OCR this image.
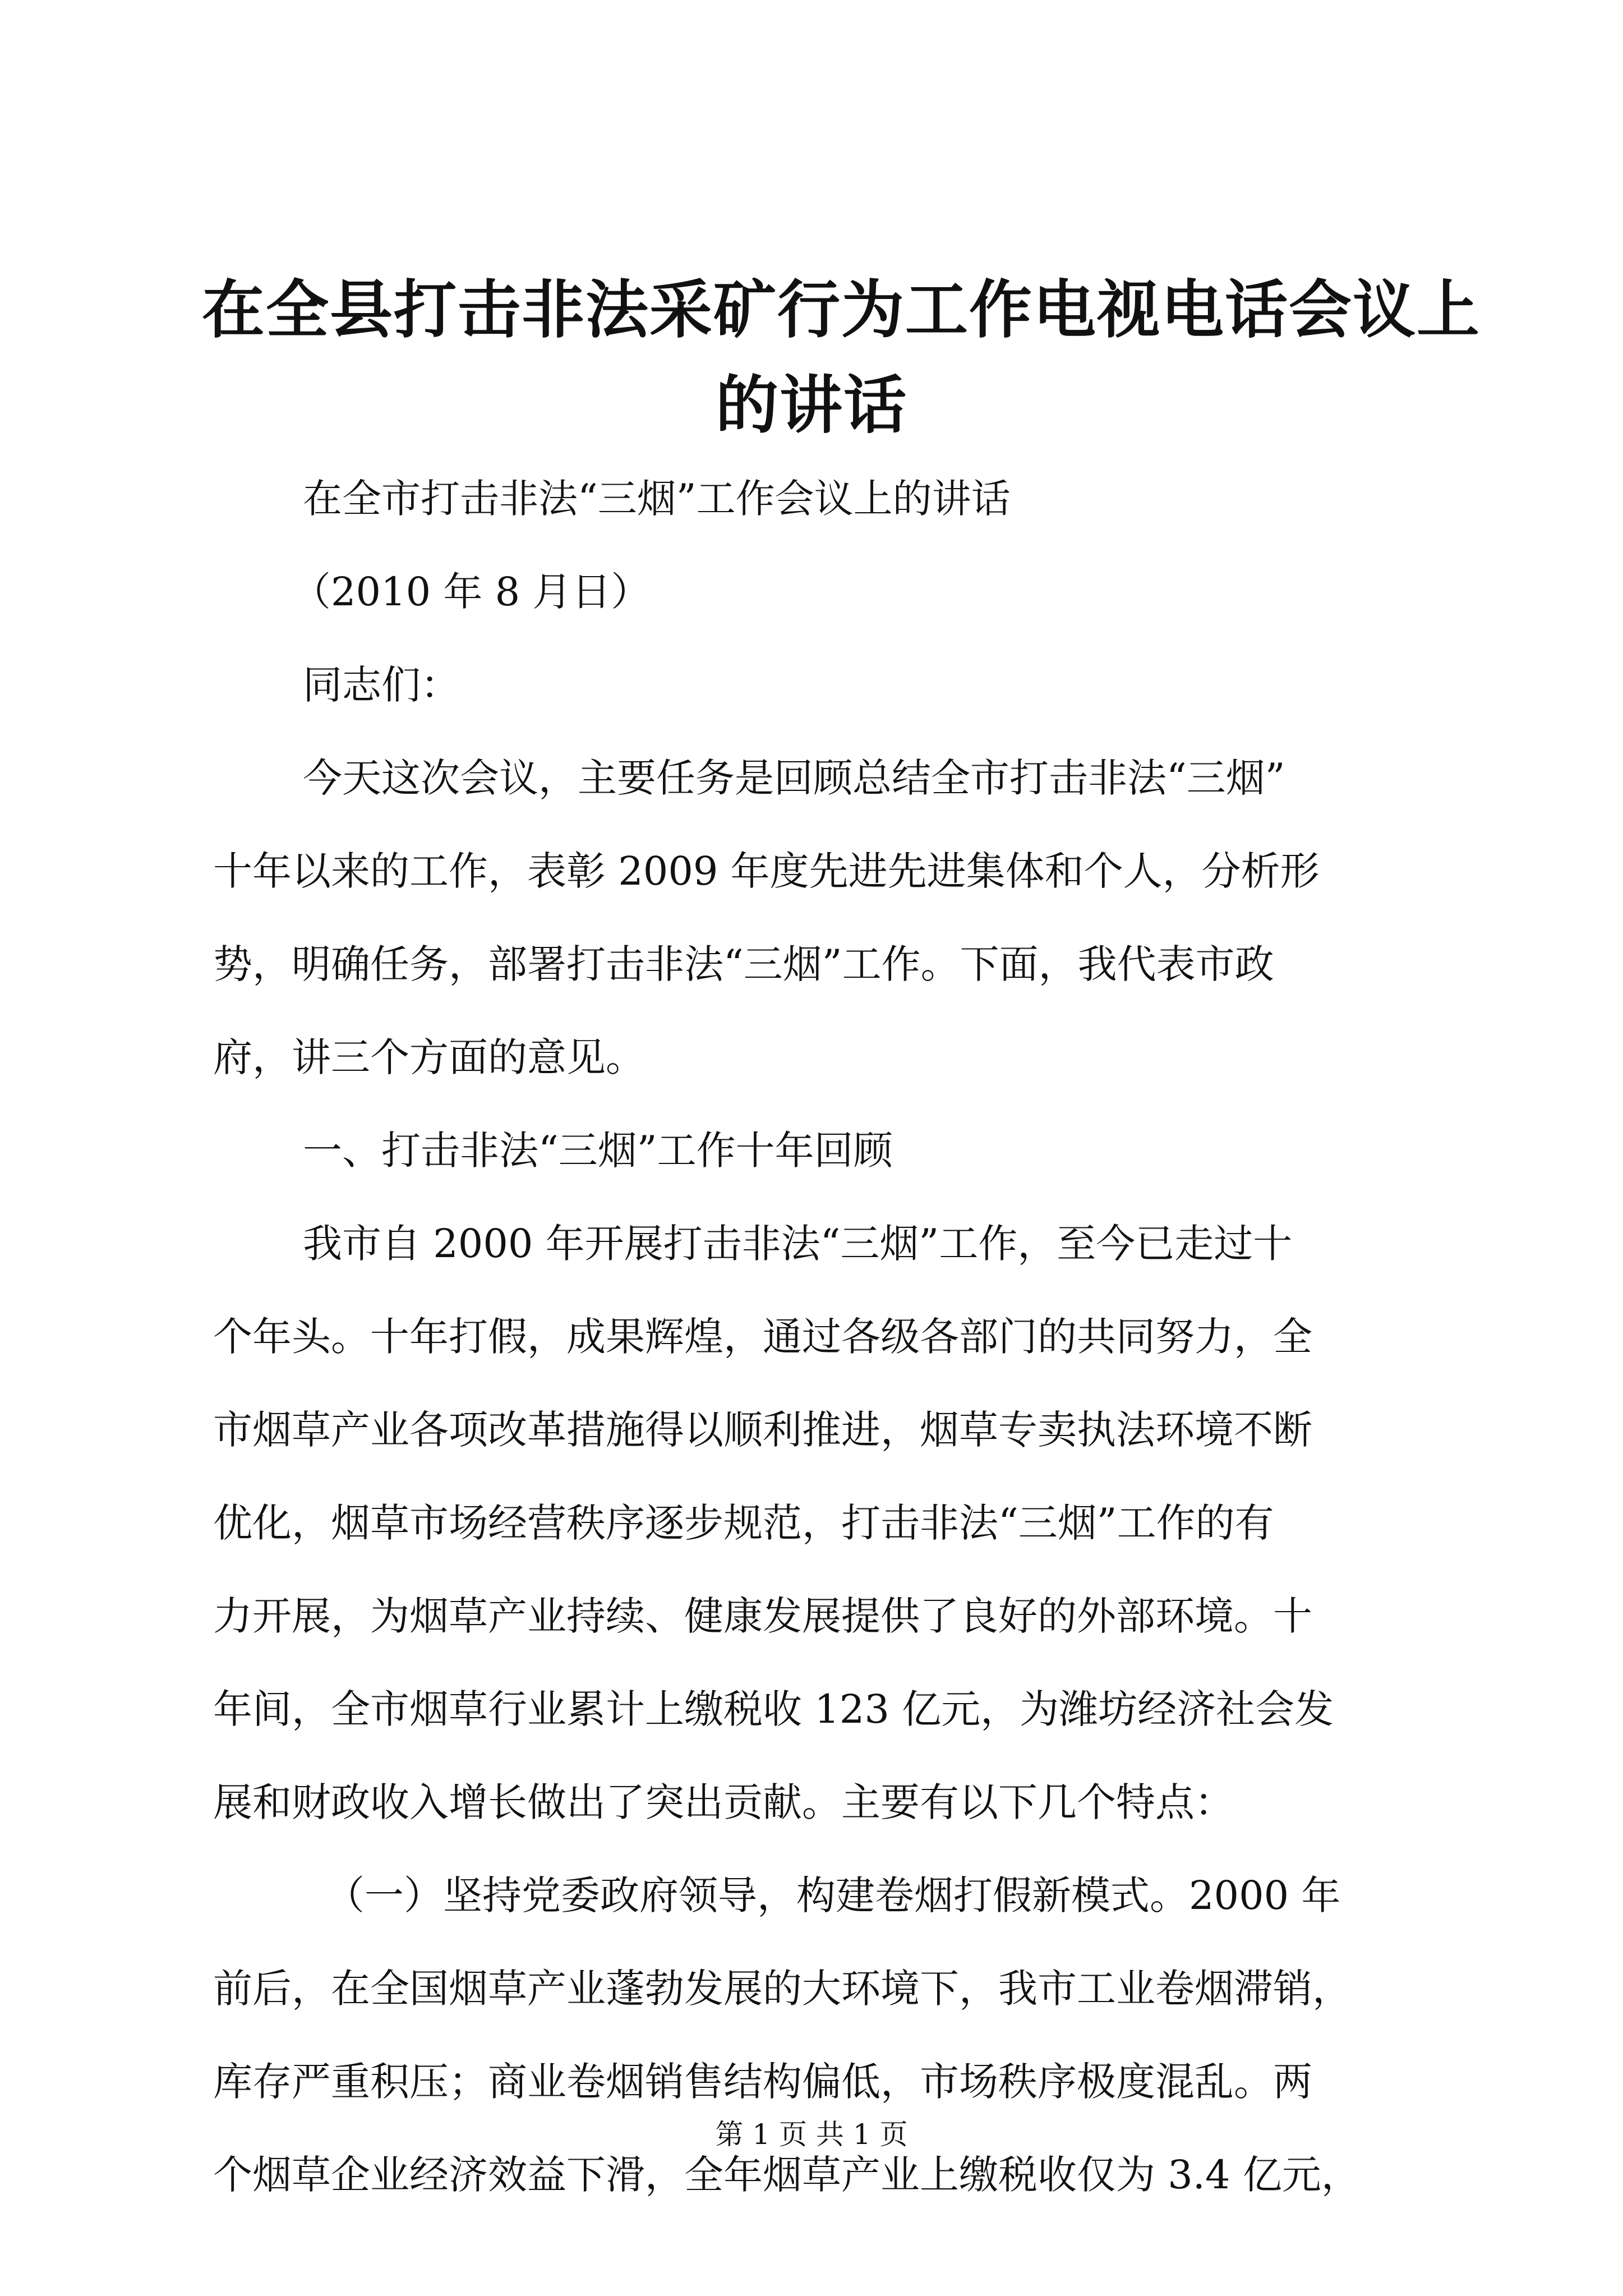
在全县打击非法采矿行为工作电视电话会议上
的讲话

在全市打击非法“三烟”工作会议上的讲话

（2010 年 8 月日）

同志们：

今天这次会议，主要任务是回顾总结全市打击非法“三烟”
十年以来的工作，表彰 2009 年度先进先进集体和个人，分析形
势，明确任务，部署打击非法“三烟”工作。下面，我代表市政
府，讲三个方面的意见。

一、打击非法“三烟”工作十年回顾

我市自 2000 年开展打击非法“三烟”工作，至今已走过十
个年头。十年打假，成果辉煌，通过各级各部门的共同努力，全
市烟草产业各项改革措施得以顺利推进，烟草专卖执法环境不断
优化，烟草市场经营秩序逐步规范，打击非法“三烟”工作的有
力开展，为烟草产业持续、健康发展提供了良好的外部环境。十
年间，全市烟草行业累计上缴税收 123 亿元，为潍坊经济社会发
展和财政收入增长做出了突出贡献。主要有以下几个特点：

（一）坚持党委政府领导，构建卷烟打假新模式。2000 年
前后，在全国烟草产业蓬勃发展的大环境下，我市工业卷烟滞销，
库存严重积压；商业卷烟销售结构偏低，市场秩序极度混乱。两
个烟草企业经济效益下滑，全年烟草产业上缴税收仅为 3.4 亿元，

第 1 页 共 1 页
